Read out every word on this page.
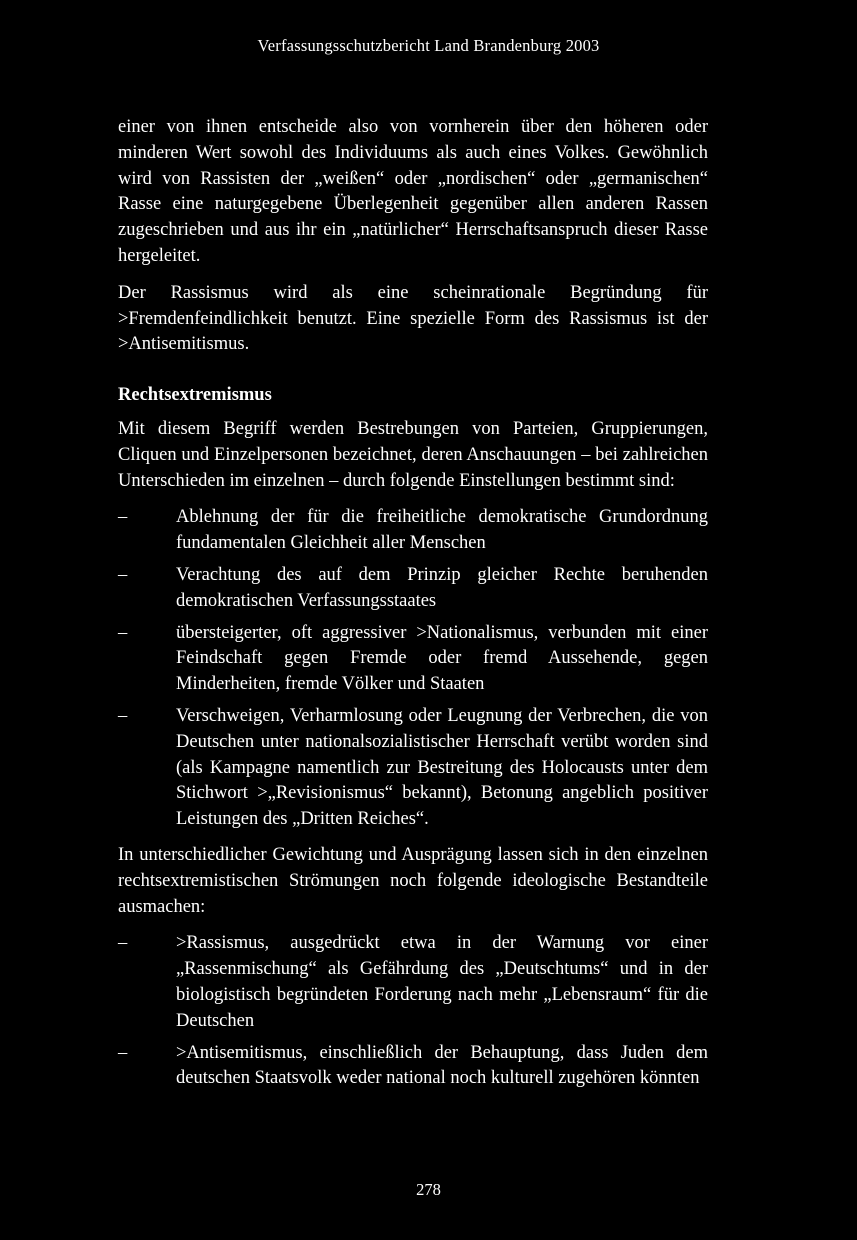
Verfassungsschutzbericht Land Brandenburg 2003

einer von ihnen entscheide also von vornherein über den höheren oder minderen Wert sowohl des Individuums als auch eines Volkes. Gewöhnlich wird von Rassisten der „weißen“ oder „nordischen“ oder „germanischen“ Rasse eine naturgegebene Überlegenheit gegenüber allen anderen Rassen zugeschrieben und aus ihr ein „natürlicher“ Herrschaftsanspruch dieser Rasse hergeleitet.

Der Rassismus wird als eine scheinrationale Begründung für >Fremdenfeindlichkeit benutzt. Eine spezielle Form des Rassismus ist der >Antisemitismus.

Rechtsextremismus

Mit diesem Begriff werden Bestrebungen von Parteien, Gruppierungen, Cliquen und Einzelpersonen bezeichnet, deren Anschauungen – bei zahlreichen Unterschieden im einzelnen – durch folgende Einstellungen bestimmt sind:

–	Ablehnung der für die freiheitliche demokratische Grundordnung fundamentalen Gleichheit aller Menschen
–	Verachtung des auf dem Prinzip gleicher Rechte beruhenden demokratischen Verfassungsstaates
–	übersteigerter, oft aggressiver >Nationalismus, verbunden mit einer Feindschaft gegen Fremde oder fremd Aussehende, gegen Minderheiten, fremde Völker und Staaten
–	Verschweigen, Verharmlosung oder Leugnung der Verbrechen, die von Deutschen unter nationalsozialistischer Herrschaft verübt worden sind (als Kampagne namentlich zur Bestreitung des Holocausts unter dem Stichwort >„Revisionismus“ bekannt), Betonung angeblich positiver Leistungen des „Dritten Reiches“.

In unterschiedlicher Gewichtung und Ausprägung lassen sich in den einzelnen rechtsextremistischen Strömungen noch folgende ideologische Bestandteile ausmachen:

–	>Rassismus, ausgedrückt etwa in der Warnung vor einer „Rassenmischung“ als Gefährdung des „Deutschtums“ und in der biologistisch begründeten Forderung nach mehr „Lebensraum“ für die Deutschen
–	>Antisemitismus, einschließlich der Behauptung, dass Juden dem deutschen Staatsvolk weder national noch kulturell zugehören könnten
278
